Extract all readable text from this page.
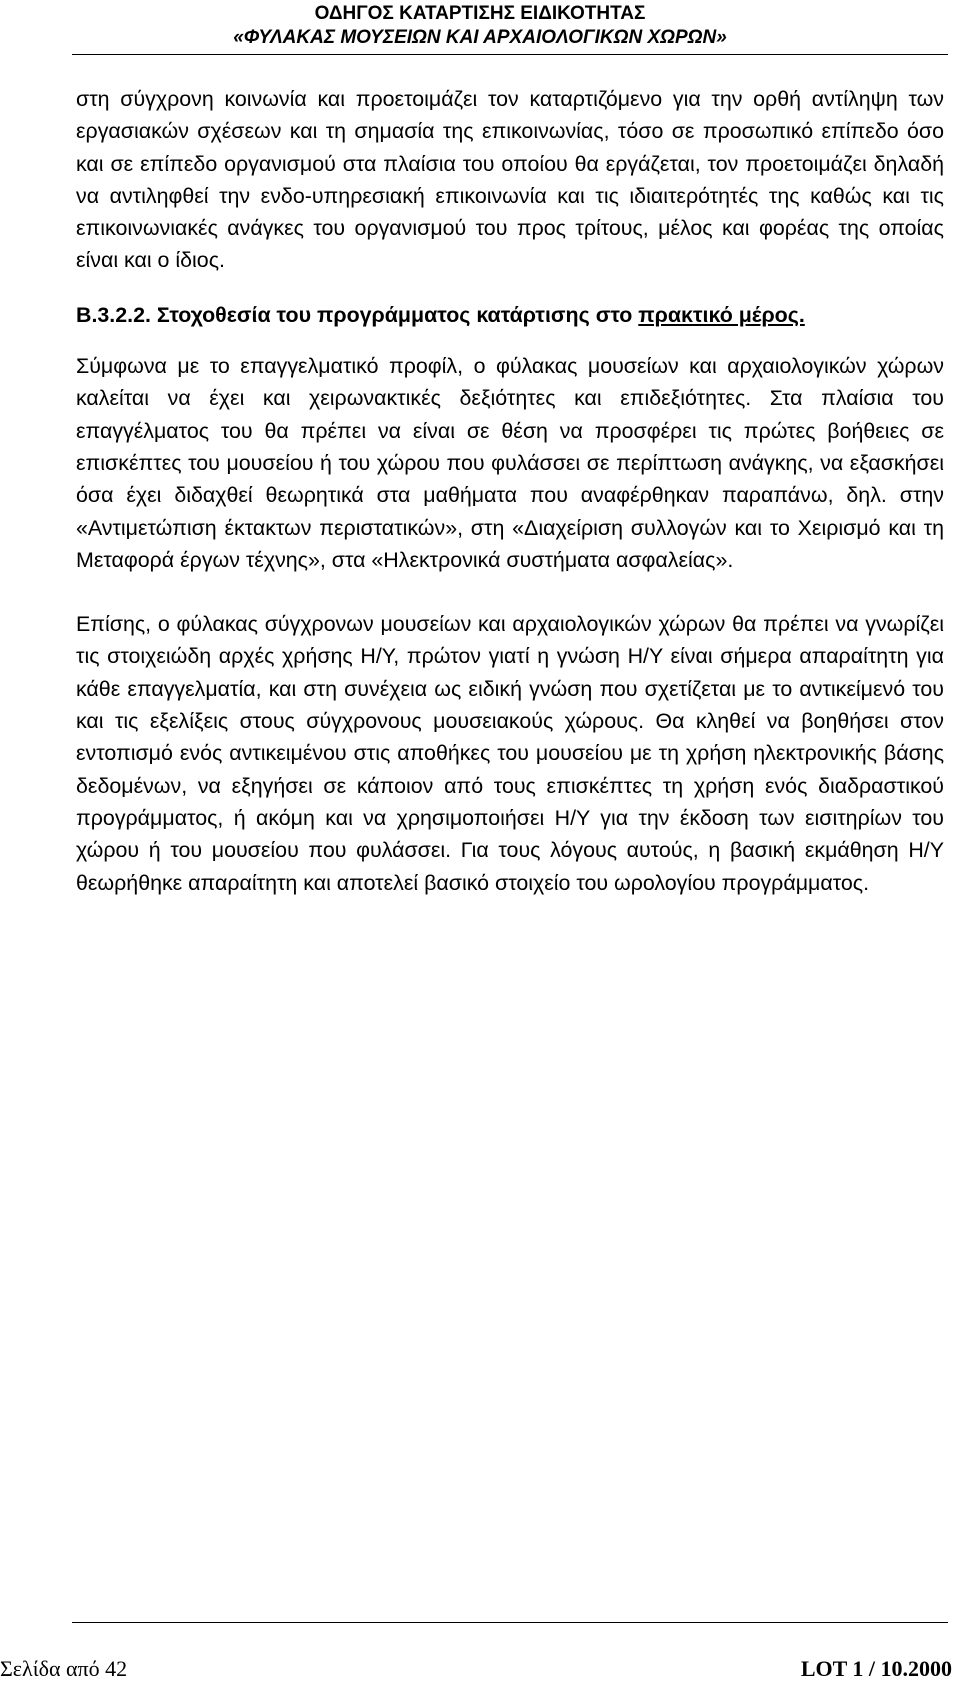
ΟΔΗΓΟΣ ΚΑΤΑΡΤΙΣΗΣ ΕΙΔΙΚΟΤΗΤΑΣ
«ΦΥΛΑΚΑΣ ΜΟΥΣΕΙΩΝ ΚΑΙ ΑΡΧΑΙΟΛΟΓΙΚΩΝ ΧΩΡΩΝ»

στη σύγχρονη κοινωνία και προετοιμάζει τον καταρτιζόμενο για την ορθή αντίληψη των εργασιακών σχέσεων και τη σημασία της επικοινωνίας, τόσο σε προσωπικό επίπεδο όσο και σε επίπεδο οργανισμού στα πλαίσια του οποίου θα εργάζεται, τον προετοιμάζει δηλαδή να αντιληφθεί την ενδο-υπηρεσιακή επικοινωνία και τις ιδιαιτερότητές της καθώς και τις επικοινωνιακές ανάγκες του οργανισμού του προς τρίτους, μέλος και φορέας της οποίας είναι και ο ίδιος.

Β.3.2.2. Στοχοθεσία του προγράμματος κατάρτισης στο πρακτικό μέρος.

Σύμφωνα με το επαγγελματικό προφίλ, ο φύλακας μουσείων και αρχαιολογικών χώρων καλείται να έχει και χειρωνακτικές δεξιότητες και επιδεξιότητες. Στα πλαίσια του επαγγέλματος του θα πρέπει να είναι σε θέση να προσφέρει τις πρώτες βοήθειες σε επισκέπτες του μουσείου ή του χώρου που φυλάσσει σε περίπτωση ανάγκης, να εξασκήσει όσα έχει διδαχθεί θεωρητικά στα μαθήματα που αναφέρθηκαν παραπάνω, δηλ. στην «Αντιμετώπιση έκτακτων περιστατικών», στη «Διαχείριση συλλογών και το Χειρισμό και τη Μεταφορά έργων τέχνης», στα «Ηλεκτρονικά συστήματα ασφαλείας».

Επίσης, ο φύλακας σύγχρονων μουσείων και αρχαιολογικών χώρων θα πρέπει να γνωρίζει τις στοιχειώδη αρχές χρήσης Η/Υ, πρώτον γιατί η γνώση Η/Υ είναι σήμερα απαραίτητη για κάθε επαγγελματία, και στη συνέχεια ως ειδική γνώση που σχετίζεται με το αντικείμενό του και τις εξελίξεις στους σύγχρονους μουσειακούς χώρους. Θα κληθεί να βοηθήσει στον εντοπισμό ενός αντικειμένου στις αποθήκες του μουσείου με τη χρήση ηλεκτρονικής βάσης δεδομένων, να εξηγήσει σε κάποιον από τους επισκέπτες τη χρήση ενός διαδραστικού προγράμματος, ή ακόμη και να χρησιμοποιήσει Η/Υ για την έκδοση των εισιτηρίων του χώρου ή του μουσείου που φυλάσσει. Για τους λόγους αυτούς, η βασική εκμάθηση Η/Υ θεωρήθηκε απαραίτητη και αποτελεί βασικό στοιχείο του ωρολογίου προγράμματος.

Σελίδα από 42	LOT 1 / 10.2000
